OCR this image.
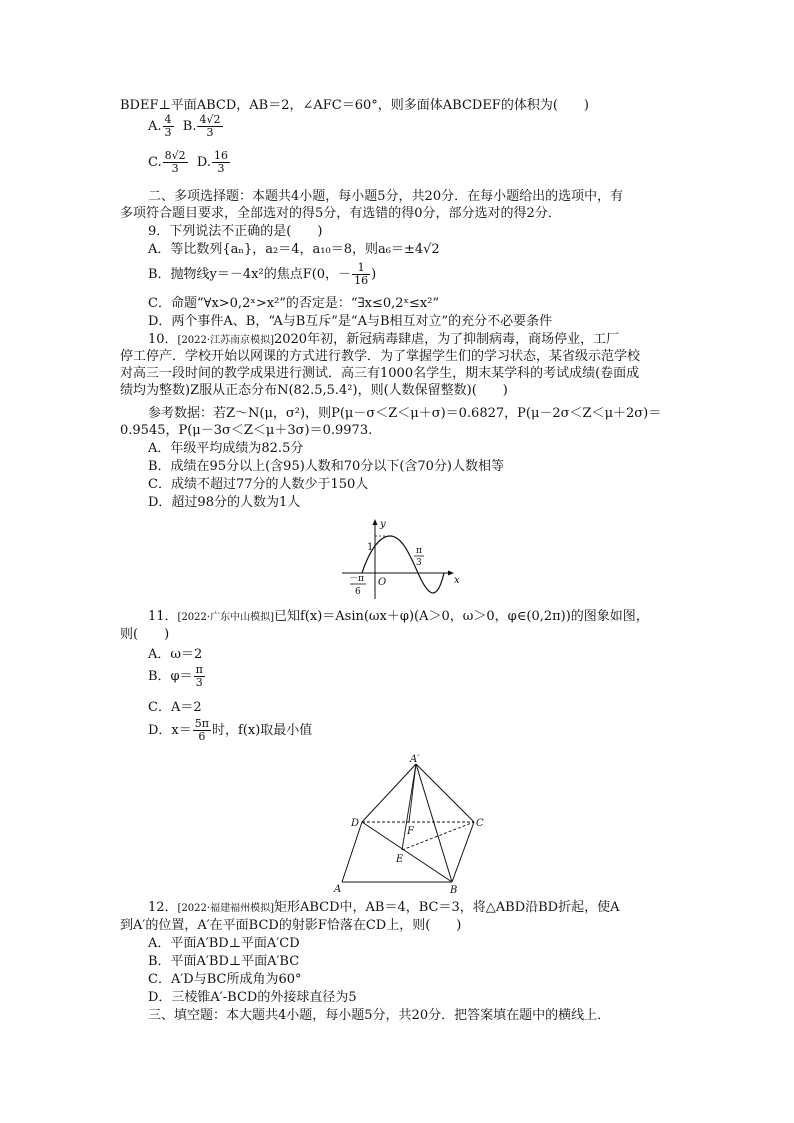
BDEF⊥平面ABCD，AB＝2，∠AFC＝60°，则多面体ABCDEF的体积为(　　)
A. $\frac{4}{3} B$. $\frac{4√2}{3}$
C. $\frac{8√2}{3} D$. $\frac{16}{3}$
二、多项选择题：本题共4小题，每小题5分，共20分．在每小题给出的选项中，有
多项符合题目要求，全部选对的得5分，有选错的得0分，部分选对的得2分．
9．下列说法不正确的是(　　)
A．等比数列{aₙ}，a₂＝4，a₁₀＝8，则a₆＝±4√2
B．抛物线y＝－4x²的焦点F(0，－ $\frac{1}{16}$ )
C．命题“∀x>0,2ˣ>x²”的否定是：“∃x≤0,2ˣ≤x²”
D．两个事件A、B，“A与B互斥”是“A与B相互对立”的充分不必要条件
10．[2022·江苏南京模拟]2020年初，新冠病毒肆虐，为了抑制病毒，商场停业，工厂
停工停产．学校开始以网课的方式进行教学．为了掌握学生们的学习状态，某省级示范学校
对高三一段时间的教学成果进行测试．高三有1000名学生，期末某学科的考试成绩(卷面成
绩均为整数)Z服从正态分布N(82.5,5.4²)，则(人数保留整数)(　　)
参考数据：若Z～N(μ，σ²)，则P(μ－σ＜Z＜μ＋σ)＝0.6827，P(μ－2σ＜Z＜μ＋2σ)＝
0.9545，P(μ－3σ＜Z＜μ＋3σ)＝0.9973.
A．年级平均成绩为82.5分
B．成绩在95分以上(含95)人数和70分以下(含70分)人数相等
C．成绩不超过77分的人数少于150人
D．超过98分的人数为1人
y
x
O
1	π
3
－π
6
11．[2022·广东中山模拟]已知f(x)＝Asin(ωx＋φ)(A＞0，ω＞0，φ∈(0,2π))的图象如图，
则(　　)
A．ω＝2
B．$\varphi= \frac{\pi}{3}$
C．A＝2
D．$x= \frac{5\pi}{6}$ 时，f(x)取最小值
A′
A	B
C
D
E
F
12．[2022·福建福州模拟]矩形ABCD中，AB＝4，BC＝3，将△ABD沿BD折起，使A
到A′的位置，A′在平面BCD的射影F恰落在CD上，则(　　)
A．平面A′BD⊥平面A′CD
B．平面A′BD⊥平面A′BC
C．A′D与BC所成角为60°
D．三棱锥A′-BCD的外接球直径为5
三、填空题：本大题共4小题，每小题5分，共20分．把答案填在题中的横线上．
